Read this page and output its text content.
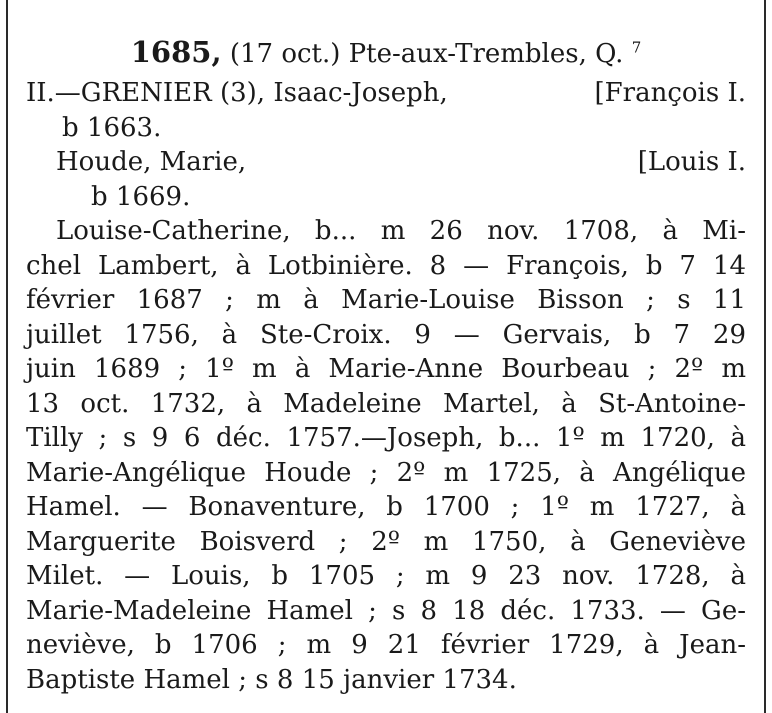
1685, (17 oct.) Pte-aux-Trembles, Q. $^7$
II.—GRENIER (3), Isaac-Joseph,	[François I.
b 1663.
Houde, Marie,	[Louis I.
b 1669.
Louise-Catherine, b... m 26 nov. 1708, à Mi-
chel Lambert, à Lotbinière. 8 — François, b 7 14
février 1687 ; m à Marie-Louise Bisson ; s 11
juillet 1756, à Ste-Croix. 9 — Gervais, b 7 29
juin 1689 ; 1º m à Marie-Anne Bourbeau ; 2º m
13 oct. 1732, à Madeleine Martel, à St-Antoine-
Tilly ; s 9 6 déc. 1757.—Joseph, b... 1º m 1720, à
Marie-Angélique Houde ; 2º m 1725, à Angélique
Hamel. — Bonaventure, b 1700 ; 1º m 1727, à
Marguerite Boisverd ; 2º m 1750, à Geneviève
Milet. — Louis, b 1705 ; m 9 23 nov. 1728, à
Marie-Madeleine Hamel ; s 8 18 déc. 1733. — Ge-
neviève, b 1706 ; m 9 21 février 1729, à Jean-
Baptiste Hamel ; s 8 15 janvier 1734.
